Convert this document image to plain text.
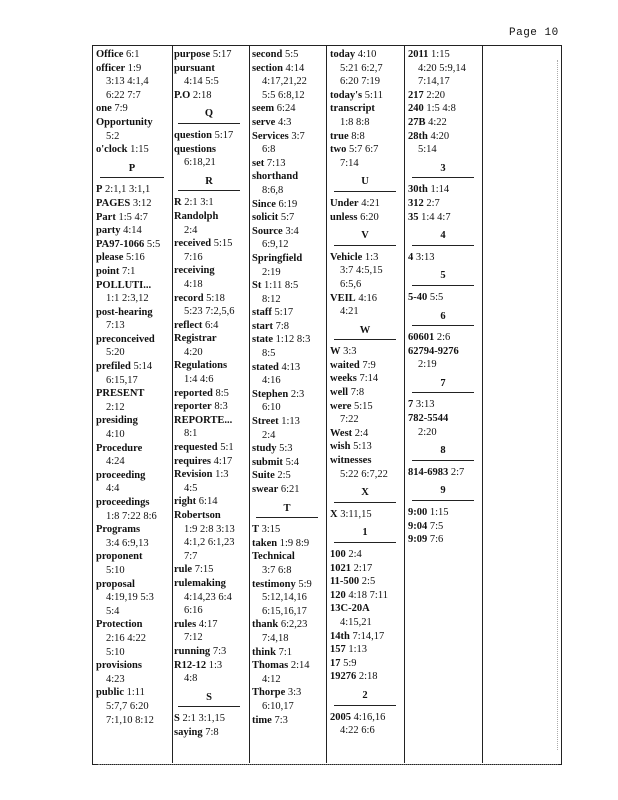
Page 10
Office 6:1
officer 1:9
3:13 4:1,4
6:22 7:7
one 7:9
Opportunity
5:2
o'clock 1:15
P
P 2:1,1 3:1,1
PAGES 3:12
Part 1:5 4:7
party 4:14
PA97-1066 5:5
please 5:16
point 7:1
POLLUTI...
1:1 2:3,12
post-hearing
7:13
preconceived
5:20
prefiled 5:14
6:15,17
PRESENT
2:12
presiding
4:10
Procedure
4:24
proceeding
4:4
proceedings
1:8 7:22 8:6
Programs
3:4 6:9,13
proponent
5:10
proposal
4:19,19 5:3
5:4
Protection
2:16 4:22
5:10
provisions
4:23
public 1:11
5:7,7 6:20
7:1,10 8:12
purpose 5:17
pursuant
4:14 5:5
P.O 2:18
Q
question 5:17
questions
6:18,21
R
R 2:1 3:1
Randolph
2:4
received 5:15
7:16
receiving
4:18
record 5:18
5:23 7:2,5,6
reflect 6:4
Registrar
4:20
Regulations
1:4 4:6
reported 8:5
reporter 8:3
REPORTE...
8:1
requested 5:1
requires 4:17
Revision 1:3
4:5
right 6:14
Robertson
1:9 2:8 3:13
4:1,2 6:1,23
7:7
rule 7:15
rulemaking
4:14,23 6:4
6:16
rules 4:17
7:12
running 7:3
R12-12 1:3
4:8
S
S 2:1 3:1,15
saying 7:8
second 5:5
section 4:14
4:17,21,22
5:5 6:8,12
seem 6:24
serve 4:3
Services 3:7
6:8
set 7:13
shorthand
8:6,8
Since 6:19
solicit 5:7
Source 3:4
6:9,12
Springfield
2:19
St 1:11 8:5
8:12
staff 5:17
start 7:8
state 1:12 8:3
8:5
stated 4:13
4:16
Stephen 2:3
6:10
Street 1:13
2:4
study 5:3
submit 5:4
Suite 2:5
swear 6:21
T
T 3:15
taken 1:9 8:9
Technical
3:7 6:8
testimony 5:9
5:12,14,16
6:15,16,17
thank 6:2,23
7:4,18
think 7:1
Thomas 2:14
4:12
Thorpe 3:3
6:10,17
time 7:3
today 4:10
5:21 6:2,7
6:20 7:19
today's 5:11
transcript
1:8 8:8
true 8:8
two 5:7 6:7
7:14
U
Under 4:21
unless 6:20
V
Vehicle 1:3
3:7 4:5,15
6:5,6
VEIL 4:16
4:21
W
W 3:3
waited 7:9
weeks 7:14
well 7:8
were 5:15
7:22
West 2:4
wish 5:13
witnesses
5:22 6:7,22
X
X 3:11,15
1
100 2:4
1021 2:17
11-500 2:5
120 4:18 7:11
13C-20A
4:15,21
14th 7:14,17
157 1:13
17 5:9
19276 2:18
2
2005 4:16,16
4:22 6:6
2011 1:15
4:20 5:9,14
7:14,17
217 2:20
240 1:5 4:8
27B 4:22
28th 4:20
5:14
3
30th 1:14
312 2:7
35 1:4 4:7
4
4 3:13
5
5-40 5:5
6
60601 2:6
62794-9276
2:19
7
7 3:13
782-5544
2:20
8
814-6983 2:7
9
9:00 1:15
9:04 7:5
9:09 7:6
